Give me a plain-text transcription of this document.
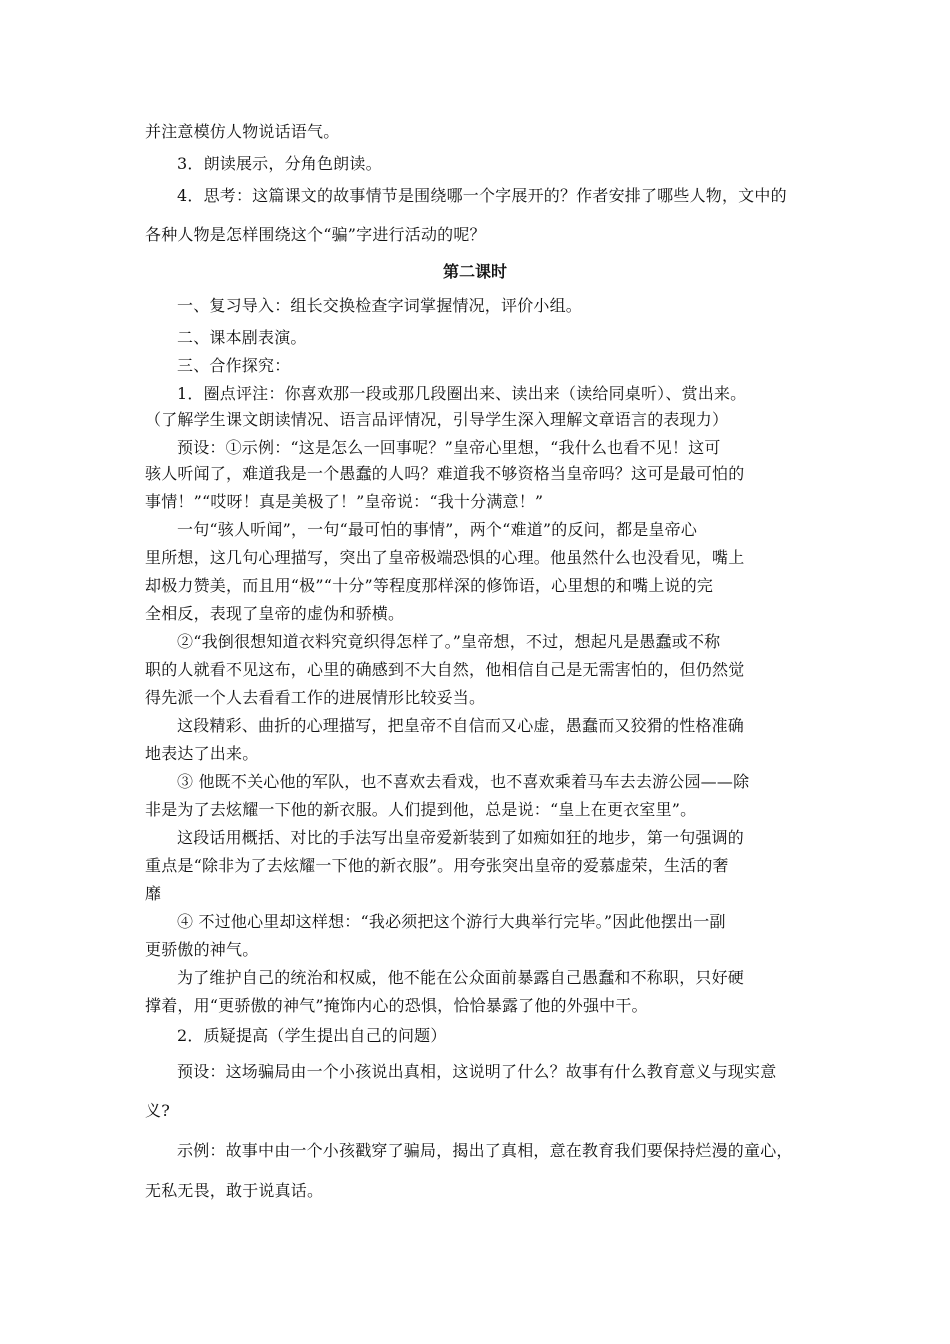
并注意模仿人物说话语气。
3．朗读展示，分角色朗读。
4．思考：这篇课文的故事情节是围绕哪一个字展开的？作者安排了哪些人物，文中的
各种人物是怎样围绕这个“骗”字进行活动的呢？
第二课时
一、复习导入：组长交换检查字词掌握情况，评价小组。
二、课本剧表演。
三、合作探究：
1．圈点评注：你喜欢那一段或那几段圈出来、读出来（读给同桌听）、赏出来。
（了解学生课文朗读情况、语言品评情况，引导学生深入理解文章语言的表现力）
预设：①示例：“这是怎么一回事呢？”皇帝心里想，“我什么也看不见！这可
骇人听闻了，难道我是一个愚蠢的人吗？难道我不够资格当皇帝吗？这可是最可怕的
事情！”“哎呀！真是美极了！”皇帝说：“我十分满意！”
一句“骇人听闻”，一句“最可怕的事情”，两个“难道”的反问，都是皇帝心
里所想，这几句心理描写，突出了皇帝极端恐惧的心理。他虽然什么也没看见，嘴上
却极力赞美，而且用“极”“十分”等程度那样深的修饰语，心里想的和嘴上说的完
全相反，表现了皇帝的虚伪和骄横。
②“我倒很想知道衣料究竟织得怎样了。”皇帝想，不过，想起凡是愚蠢或不称
职的人就看不见这布，心里的确感到不大自然，他相信自己是无需害怕的，但仍然觉
得先派一个人去看看工作的进展情形比较妥当。
这段精彩、曲折的心理描写，把皇帝不自信而又心虚，愚蠢而又狡猾的性格准确
地表达了出来。
③ 他既不关心他的军队，也不喜欢去看戏，也不喜欢乘着马车去去游公园——除
非是为了去炫耀一下他的新衣服。人们提到他，总是说：“皇上在更衣室里”。
这段话用概括、对比的手法写出皇帝爱新装到了如痴如狂的地步，第一句强调的
重点是“除非为了去炫耀一下他的新衣服”。用夸张突出皇帝的爱慕虚荣，生活的奢
靡
④ 不过他心里却这样想：“我必须把这个游行大典举行完毕。”因此他摆出一副
更骄傲的神气。
为了维护自己的统治和权威，他不能在公众面前暴露自己愚蠢和不称职，只好硬
撑着，用“更骄傲的神气”掩饰内心的恐惧，恰恰暴露了他的外强中干。
2．质疑提高（学生提出自己的问题）
预设：这场骗局由一个小孩说出真相，这说明了什么？故事有什么教育意义与现实意
义?
示例：故事中由一个小孩戳穿了骗局，揭出了真相，意在教育我们要保持烂漫的童心，
无私无畏，敢于说真话。
